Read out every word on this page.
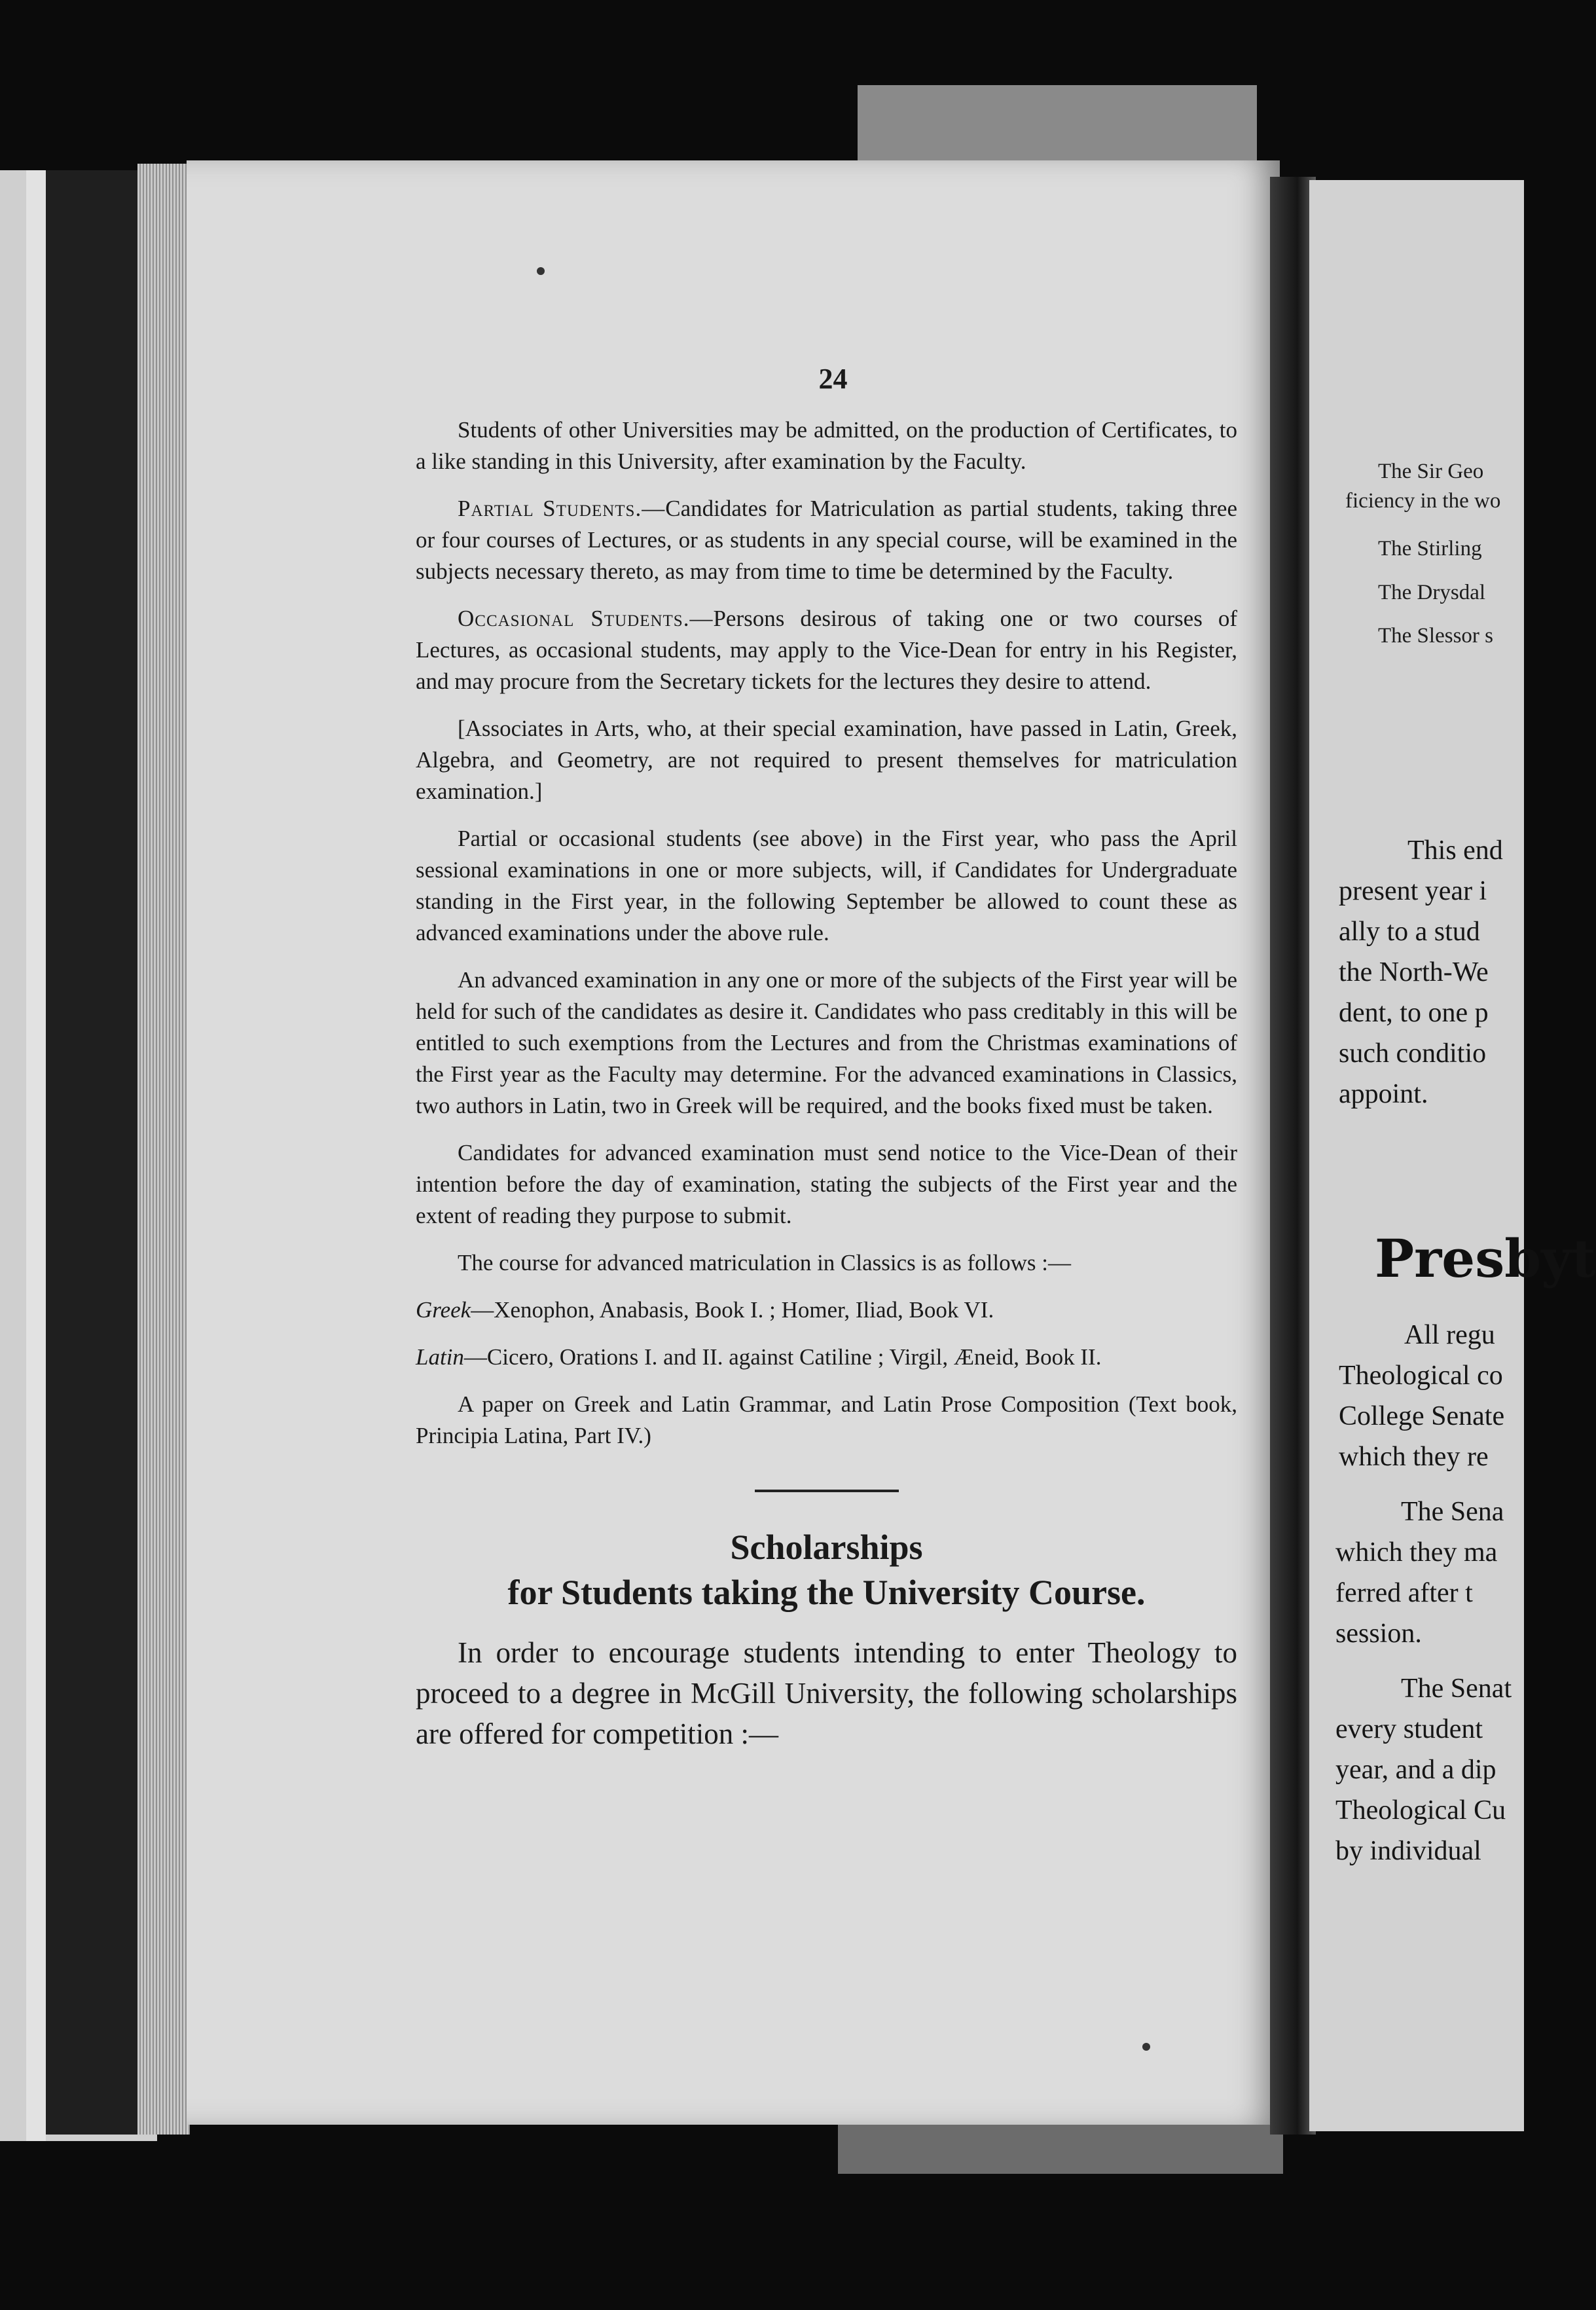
The Sir Geo
ficiency in the wo
The Stirling
The Drysdal
The Slessor s
This end
present year i
ally to a stud
the North-We
dent, to one p
such conditio
appoint.
Presbyt
All regu
Theological co
College Senate
which they re
The Sena
which they ma
ferred after t
session.
The Senat
every student
year, and a dip
Theological Cu
by individual
24

Students of other Universities may be admitted, on the production of Certificates, to a like standing in this University, after examination by the Faculty.

Partial Students.—Candidates for Matriculation as partial students, taking three or four courses of Lectures, or as students in any special course, will be examined in the subjects necessary thereto, as may from time to time be determined by the Faculty.

Occasional Students.—Persons desirous of taking one or two courses of Lectures, as occasional students, may apply to the Vice-Dean for entry in his Register, and may procure from the Secretary tickets for the lectures they desire to attend.

[Associates in Arts, who, at their special examination, have passed in Latin, Greek, Algebra, and Geometry, are not required to present themselves for matriculation examination.]

Partial or occasional students (see above) in the First year, who pass the April sessional examinations in one or more subjects, will, if Candidates for Undergraduate standing in the First year, in the following September be allowed to count these as advanced examinations under the above rule.

An advanced examination in any one or more of the subjects of the First year will be held for such of the candidates as desire it. Candidates who pass creditably in this will be entitled to such exemptions from the Lectures and from the Christmas examinations of the First year as the Faculty may determine. For the advanced examinations in Classics, two authors in Latin, two in Greek will be required, and the books fixed must be taken.

Candidates for advanced examination must send notice to the Vice-Dean of their intention before the day of examination, stating the subjects of the First year and the extent of reading they purpose to submit.

The course for advanced matriculation in Classics is as follows :—

Greek—Xenophon, Anabasis, Book I. ; Homer, Iliad, Book VI.

Latin—Cicero, Orations I. and II. against Catiline ; Virgil, Æneid, Book II.

A paper on Greek and Latin Grammar, and Latin Prose Composition (Text book, Principia Latina, Part IV.)

Scholarships
for Students taking the University Course.

In order to encourage students intending to enter Theology to proceed to a degree in McGill University, the following scholarships are offered for competition :—
